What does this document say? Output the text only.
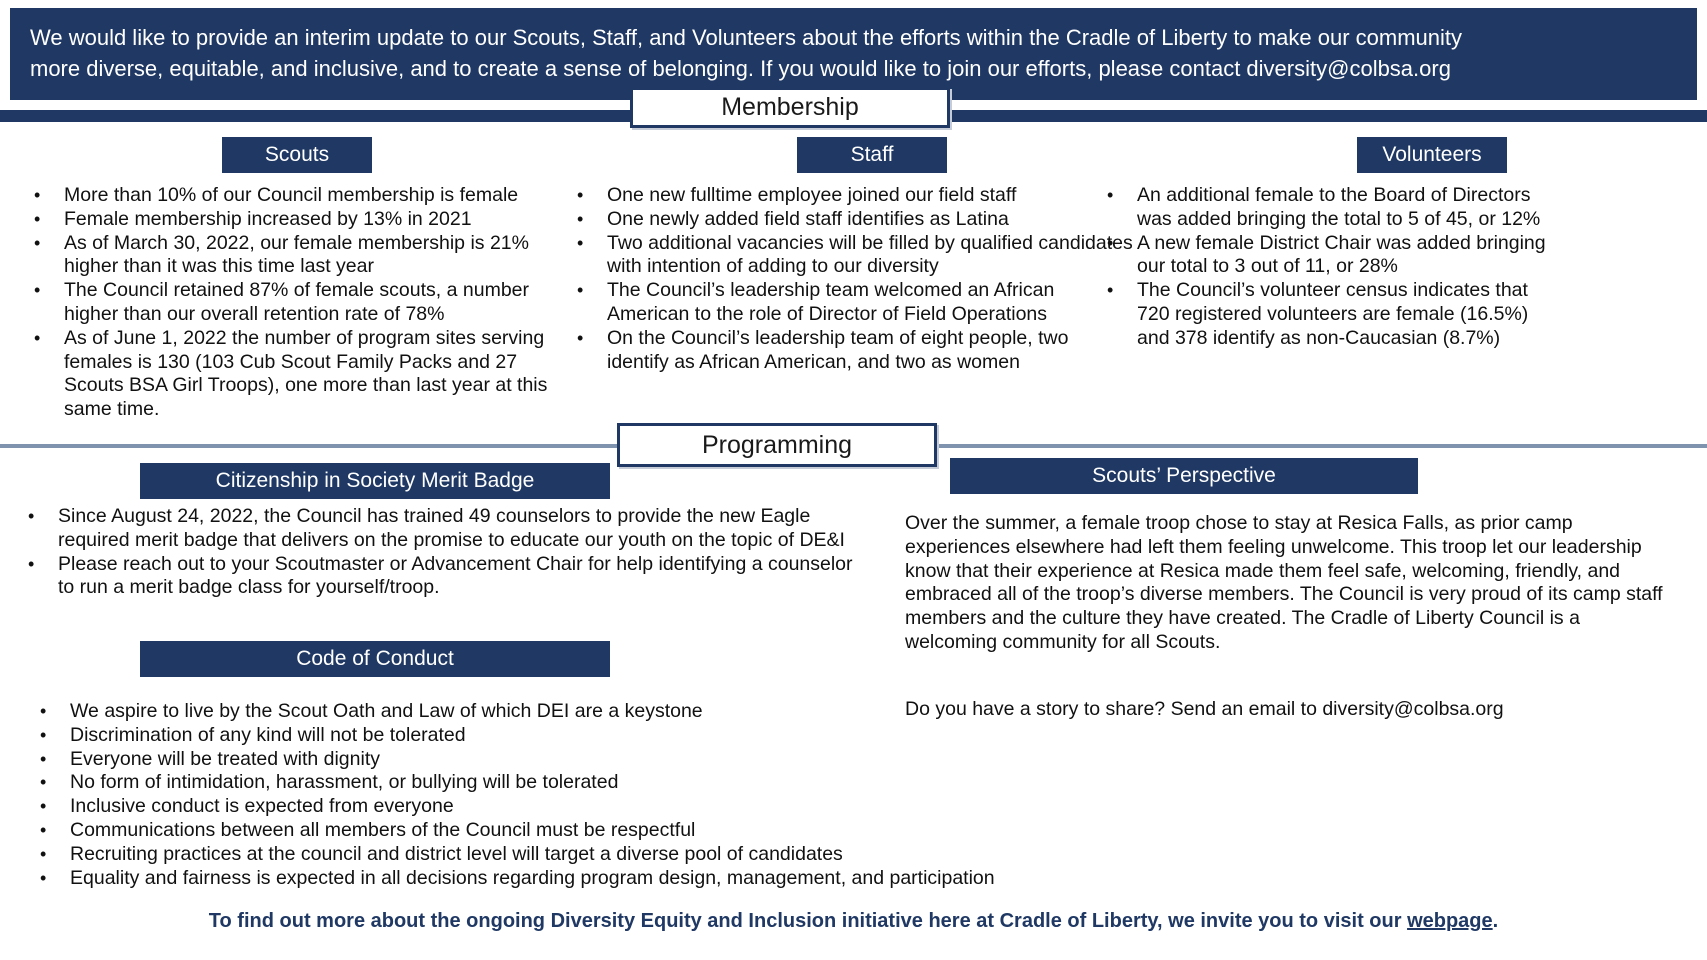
We would like to provide an interim update to our Scouts, Staff, and Volunteers about the efforts within the Cradle of Liberty to make our community
more diverse, equitable, and inclusive, and to create a sense of belonging. If you would like to join our efforts, please contact diversity@colbsa.org
Membership
Scouts	Staff	Volunteers
• More than 10% of our Council membership is female
• Female membership increased by 13% in 2021
• As of March 30, 2022, our female membership is 21% higher than it was this time last year
• The Council retained 87% of female scouts, a number higher than our overall retention rate of 78%
• As of June 1, 2022 the number of program sites serving females is 130 (103 Cub Scout Family Packs and 27 Scouts BSA Girl Troops), one more than last year at this same time.
• One new fulltime employee joined our field staff
• One newly added field staff identifies as Latina
• Two additional vacancies will be filled by qualified candidates with intention of adding to our diversity
• The Council’s leadership team welcomed an African American to the role of Director of Field Operations
• On the Council’s leadership team of eight people, two identify as African American, and two as women
• An additional female to the Board of Directors was added bringing the total to 5 of 45, or 12%
• A new female District Chair was added bringing our total to 3 out of 11, or 28%
• The Council’s volunteer census indicates that 720 registered volunteers are female (16.5%) and 378 identify as non-Caucasian (8.7%)
Programming
Citizenship in Society Merit Badge
• Since August 24, 2022, the Council has trained 49 counselors to provide the new Eagle required merit badge that delivers on the promise to educate our youth on the topic of DE&I
• Please reach out to your Scoutmaster or Advancement Chair for help identifying a counselor to run a merit badge class for yourself/troop.
Code of Conduct
• We aspire to live by the Scout Oath and Law of which DEI are a keystone
• Discrimination of any kind will not be tolerated
• Everyone will be treated with dignity
• No form of intimidation, harassment, or bullying will be tolerated
• Inclusive conduct is expected from everyone
• Communications between all members of the Council must be respectful
• Recruiting practices at the council and district level will target a diverse pool of candidates
• Equality and fairness is expected in all decisions regarding program design, management, and participation
Scouts’ Perspective
Over the summer, a female troop chose to stay at Resica Falls, as prior camp experiences elsewhere had left them feeling unwelcome. This troop let our leadership know that their experience at Resica made them feel safe, welcoming, friendly, and embraced all of the troop’s diverse members. The Council is very proud of its camp staff members and the culture they have created. The Cradle of Liberty Council is a welcoming community for all Scouts.
Do you have a story to share? Send an email to diversity@colbsa.org
To find out more about the ongoing Diversity Equity and Inclusion initiative here at Cradle of Liberty, we invite you to visit our webpage.
